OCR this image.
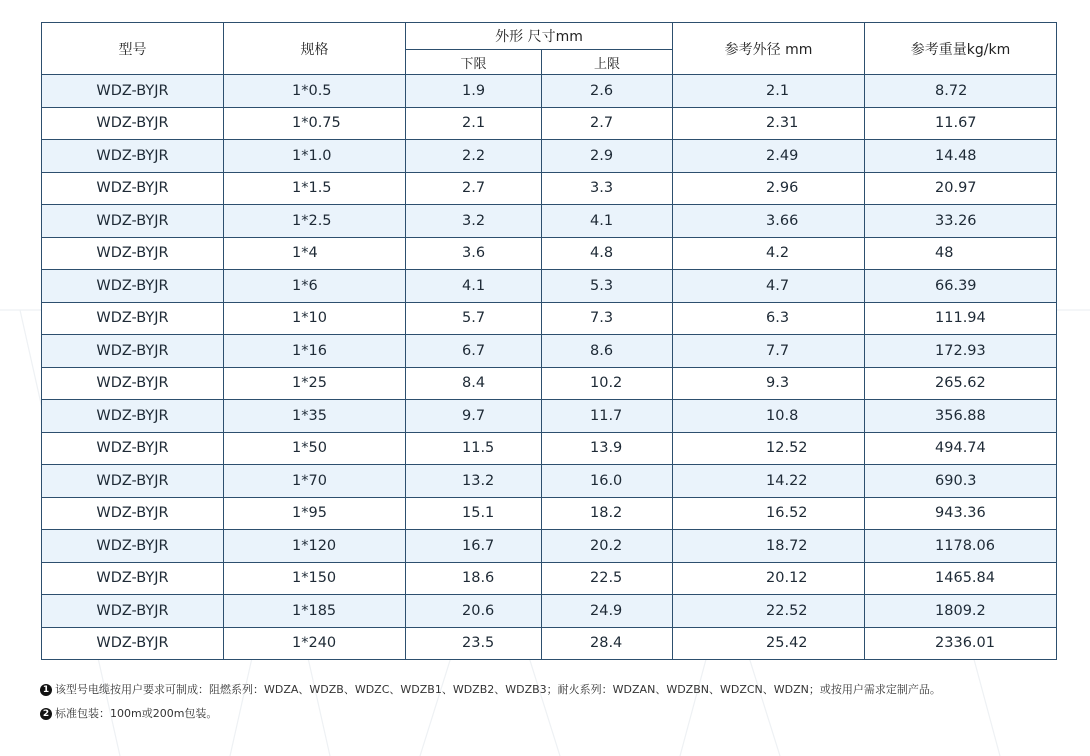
型号	规格	外形 尺寸mm		参考外径 mm	参考重量kg/km
		下限	上限		
WDZ-BYJR	1*0.5	1.9	2.6	2.1	8.72
WDZ-BYJR	1*0.75	2.1	2.7	2.31	11.67
WDZ-BYJR	1*1.0	2.2	2.9	2.49	14.48
WDZ-BYJR	1*1.5	2.7	3.3	2.96	20.97
WDZ-BYJR	1*2.5	3.2	4.1	3.66	33.26
WDZ-BYJR	1*4	3.6	4.8	4.2	48
WDZ-BYJR	1*6	4.1	5.3	4.7	66.39
WDZ-BYJR	1*10	5.7	7.3	6.3	111.94
WDZ-BYJR	1*16	6.7	8.6	7.7	172.93
WDZ-BYJR	1*25	8.4	10.2	9.3	265.62
WDZ-BYJR	1*35	9.7	11.7	10.8	356.88
WDZ-BYJR	1*50	11.5	13.9	12.52	494.74
WDZ-BYJR	1*70	13.2	16.0	14.22	690.3
WDZ-BYJR	1*95	15.1	18.2	16.52	943.36
WDZ-BYJR	1*120	16.7	20.2	18.72	1178.06
WDZ-BYJR	1*150	18.6	22.5	20.12	1465.84
WDZ-BYJR	1*185	20.6	24.9	22.52	1809.2
WDZ-BYJR	1*240	23.5	28.4	25.42	2336.01
1 该型号电缆按用户要求可制成：阻燃系列：WDZA、WDZB、WDZC、WDZB1、WDZB2、WDZB3；耐火系列：WDZAN、WDZBN、WDZCN、WDZN；或按用户需求定制产品。
2 标准包装：100m或200m包装。
